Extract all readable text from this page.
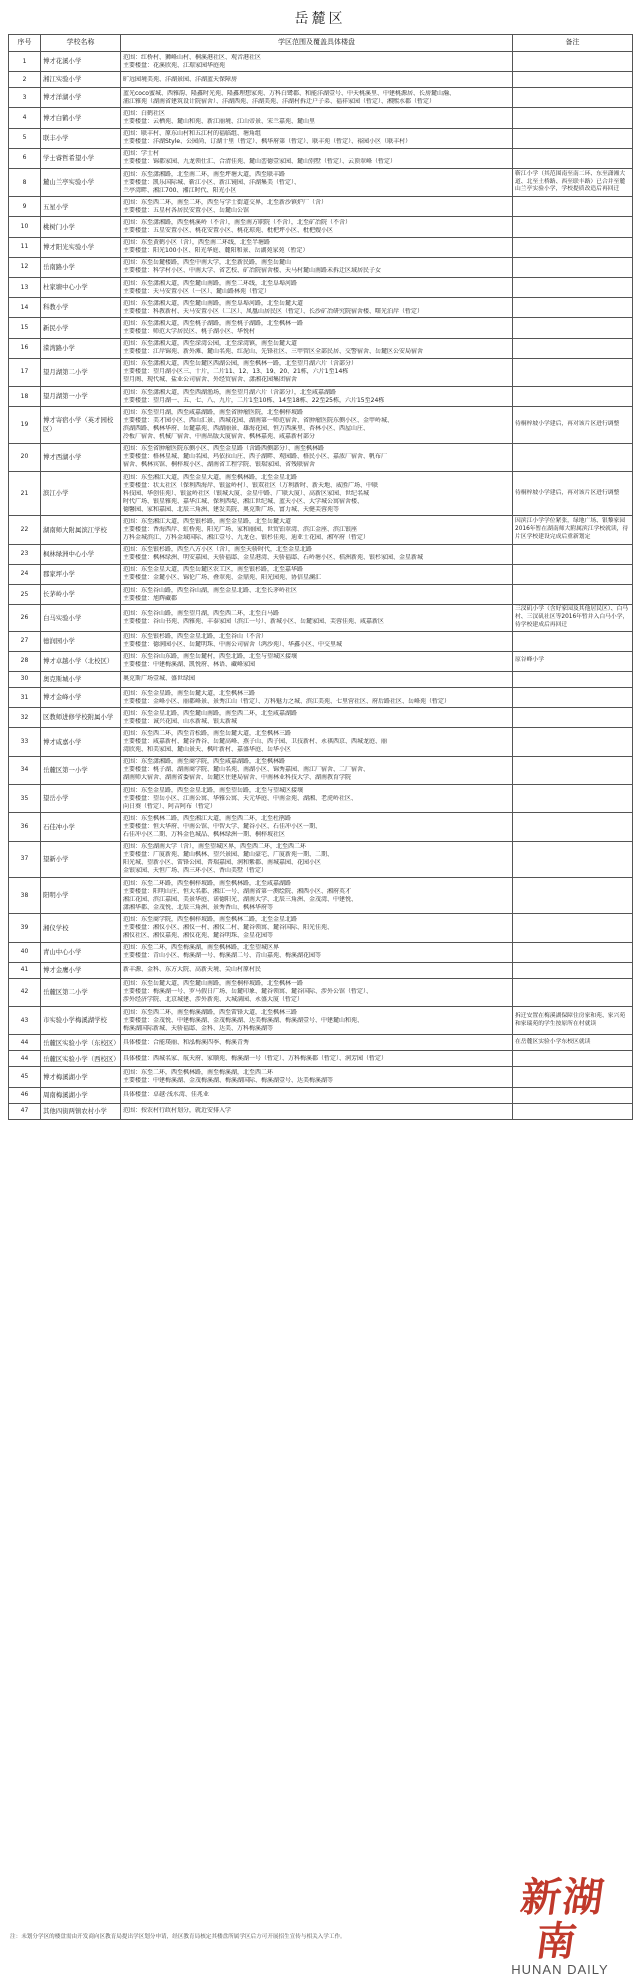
岳麓区
序号	学校名称	学区范围及覆盖具体楼盘	备注
1	博才花溪小学	范围：红桥村、狮峰山村、桐溪港社区、观音港社区
主要楼盘：花溪欣苑、江璟家园华庭苑	

2	湘江实验小学	旷远园境美苑、洋湖景园、洋湖蓝天保障房	

3	博才洋湖小学	蓝光coco蜜城、西雅韵、隆鑫时光苑、隆鑫理想家苑、万科白鹭郡、和能洋湖壹号、中天桃溪里、中建桃源居、长房麓山瀚、
浦江雅苑（湖南省建筑设计院宿舍）、洋湖西苑、洋湖美苑、洋湖村拆迁户子弟、福祥家园（暂定）、湘熙水郡（暂定）	

4	博才白鹤小学	范围：白鹤社区
主要楼盘：云栖苑、麓山和苑、新江丽境、江山帝景、宋兰嘉苑、麓山里	

5	联丰小学	范围：联丰村、原东山村和五江村的福临组、塘角组
主要楼盘：洋湖Style、公园尚、订湖十里（暂定）、枫华府第（暂定）、联丰苑（暂定）、裕园小区（联丰村）	

6	学士睿哲希望小学	范围：学士村
主要楼盘：锦都家园、九龙领仕汇、合清佳苑、麓山峦德壹家园、麓山别墅（暂定）、云顶翠峰（暂定）	

8	麓山兰亭实验小学	范围：东至潇湘路，北至南二环，南至坪塘大道，西至联丰路
主要楼盘：凯乐国际城、靳江小区、新江镜园、洋湖集美（暂定）、
兰亭湾畔、湘江700、湘江时代、阳光小区	靳江小学（其范围南至南二环、东至潇湘大道、北至土桥路、西至联丰路）已合并至麓山兰亭实验小学，学校提质改造后再回迁
9	五星小学	范围：东至西二环，南至二环，西至与学士街道交界，北至新沙镇炉厂（含）
主要楼盘：五星村各居民安置小区、岳麓山公馆	

10	桃树门小学	范围：东至潇湘路，西至桃溪岭（不含），南至南方职院（不含），北至矿冶院（不含）
主要楼盘：五星安置小区、桃花安置小区、桃花琼苑、枇杷坪小区、枇杷嫂小区	

11	博才阳光实验小学	范围：东至黄鹤小区（含），西至南二环线，北至半塘路
主要楼盘：阳光100小区、阳光华庭、麓阳和景、岳湖苑家苑（暂定）	

12	岳南路小学	范围：东至岳麓楼路，西至中南大学，北至新民路，南至岳麓山
主要楼盘：科学村小区、中南大学、省艺校、矿冶院宿舍楼、天马村麓山南路未拆迁区域居民子女	

13	杜家塘中心小学	范围：东至潇湘大道，西至麓山南路，南至二环线，北至阜埠河路
主要楼盘：天马安置小区（一区）、麓山路林苑（暂定）	

14	科教小学	范围：东至潇湘大道，西至麓山南路，南至阜埠河路，北至岳麓大道
主要楼盘：科教新村、天马安置小区（二区）、凤凰山居民区（暂定）、长沙矿冶研究院宿舍楼、曙光泊岸（暂定）	

15	新民小学	范围：东至潇湘大道，西至桃子湖路，南至桃子湖路，北至枫林一路
主要楼盘：师范大学居民区、桃子湖小区、华悦村	

16	溁湾路小学	范围：东至潇湘大道，西至溁湾公园，北至溁湾镇，南至岳麓大道
主要楼盘：江岸锦苑、新外滩、麓山名苑、红泥山、先锋社区、三甲管区全部民居、交警宿舍、岳麓区公安局宿舍	

17	望月湖第二小学	范围：东至潇湘大道，西至岳麓区西湖公园，南至枫林一路，北至望月湖六片（含部分）
主要楼盘：望月湖小区三、十片，二片11、12、13、19、20、21栋，六片1至14栋
望月阁、现代城、盐业公司宿舍、外经贸宿舍、潇湘花园集团宿舍	

18	望月湖第一小学	范围：东至潇湘大道，西至西湖渔场，南至望月湖六片（含部分），北至咸嘉湖路
主要楼盘：望月湖一、五、七、八、九片，二片1至10栋、14至18栋、22至25栋，六片15至24栋	

19	博才寄宿小学（英才园校区）	范围：东至望月湖，西至咸嘉湖路，南至省肿瘤医院，北至桐梓坡路
主要楼盘：美才园小区、西山汇景、西城花园、湖南第一师范宿舍、省肿瘤医院东侧小区、金甲岭城、
滨湖西路、枫林华府、岳麓嘉苑、西湖丽景、雄海花园、恒万西溪里、杏林小区、西屋山庄、
冷板厂宿舍、机械厂宿舍、中南出版大厦宿舍、枫林嘉苑、咸嘉新村部分	待桐梓坡小学建后，再对该片区进行调整
20	博才西湖小学	范围：东至省肿瘤医院东侧小区、西至金星路（含路西侧部分）、南至枫林路
主要楼盘：格林星城、麓山名园、玛依拉山庄、西子湖畔、观园路、格民小区、嘉浓厂宿舍、帆布厂
宿舍、枫林宾馆、桐梓坡小区、湖南省工程学院、银瑞家园、省残联宿舍	

21	滨江小学	范围：东至湘江大道，西至金星大道，南至枫林路，北至金星北路
主要楼盘：状太社区（保利西海岸、银盆岭村）、银双社区（万利新时、新天地、威胜广场、中联
科技园、华创佳苑）、银盆岭社区（银城大厦、金星中路、广联大厦）、高新区家园、世纪名城
时代广场、银星雅苑、嘉华江城、保利西堤、湘江世纪城、蓝天小区、大学城公寓宿舍楼、
德馨园、家和嘉园、北辰三角洲、建发美院、奥克斯广场、富力城、天健芙蓉苑等	待桐梓坡小学建后，再对该片区进行调整
22	湖南师大附属滨江学校	范围：东至湘江大道，西至银杉路，南至金星路，北至岳麓大道
主要楼盘：香海西岸、虹桥苑、阳光广场、家和丽园、世贸铂翠湾、滨江金座、滨江银座
万科金城滨江、万科金域国际、湘江壹号、九龙仓、银杉佳苑、迪亚士花园、湘军府（暂定）	因滨江小学学位紧张，绿地广场、银黎家园2016年暂在湖南师大附属滨江学校就读，待片区学校建设完成后重新划定
23	枫林绿洲中心小学	范围：东至银杉路，西至八方小区（含），南至天骄时代，北至金星北路
主要楼盘：枫林绿洲、明安嘉园、天骄福邸、金星港湾、天骄福邸、石岭塘小区、桔洲新苑、银杉家园、金星新城	

24	郡家坪小学	范围：东至金星大道，西至岳麓区农工区，南至银杉路，北至嘉华路
主要楼盘：金麓小区、锦伦广场、叠翠苑、金鼎苑、阳光园苑、协信星澜汇	

25	长茅岭小学	范围：东至谷山路，西至谷山湖，南至金星北路、北至长茅岭社区
主要楼盘：旭辉藏郡	

26	白马实验小学	范围：东至谷山路，南至望月湖，西至西二环，北至白马路
主要楼盘：谷山书苑、西雅苑、丰泰家园（滨江一号）、新城小区、岳麓家园、芙蓉佳苑、咸嘉新区	三汊矶小学（含好家园及其他居民区）、白马村、三汊矶社区等2016年暂并入白马小学，待学校建成后再回迁
27	德润园小学	范围：东至银杉路，西至金星北路，北至谷山（不含）
主要楼盘：德润园小区、岳麓明珠、中南公司宿舍（鸿沙苑）、华鑫小区、中交里城	

28	博才卓越小学（北校区）	范围：东至谷山东路，南至岳麓村，西至北路，北至与望城区接壤
主要楼盘：中建梅溪湖、凯悦府、林语、藏峰家园	原谷峰小学
30	奥克斯城小学	奥克斯广场壹城、盛世绿园	

31	博才金峰小学	范围：东至金星路，南至岳麓大道，北至枫林三路
主要楼盘：金峰小区、丽都峰景、景秀江山（暂定）、万科魅力之城、滨江美苑、七里营社区、府后路社区、岳峰苑（暂定）	

32	区教师进修学校附属小学	范围：东至金星北路，西至麓山南路，南至西二环，北至咸嘉湖路
主要楼盘：诚兴花园、山水新城、银太新城	

33	博才咸嘉小学	范围：东至西二环，西至青松路，南至岳麓大道，北至枫林三路
主要楼盘：咸嘉新村、麓谷香谷、岳麓高峰、燕子山、西子园、卫技新村、永祺西京、西城龙庭、丽
湾欣苑、和美家园、麓山景天、枫叶新村、嘉盛华庭、岳华小区	

34	岳麓区第一小学	范围：东至潇湘路，南至商学院，西至咸嘉湖路，北至枫林路
主要楼盘：桃子湖、湖南商学院、麓山名苑、南湖小区、锦秀嘉园、南江厂宿舍、二厂宿舍、
湖南师大宿舍、湖南省委宿舍、岳麓区住建局宿舍、中南林业科技大学、湖南教育学院	

35	望岳小学	范围：东至金星路，西至金星北路，南至望岳路，北至与望城区接壤
主要楼盘：望岳小区、江南公寓、华雅公寓、天元华庭、中南金苑、湖湘、老虎岭社区、
向日葵（暂定）、阿吉阿布（暂定）	

36	石佳冲小学	范围：东至枫林二路，西至湘江大道，南至西二环，北至杜鹃路
主要楼盘：恒大华府、中南公馆、中智大学、麓谷小区、石佳冲小区一期、
石佳冲小区二期、万科金色城品、枫林绿洲一期、桐梓坡社区	

37	望新小学	范围：东至湖南大学（含），南至望城区界，西至西二环，北至西二环
主要楼盘：广厦新苑、麓山枫林、望兴景园、麓山豪宅、广厦新苑一期、二期、
阳光城、望新小区、雷锋公园、普瑞嘉园、润和紫郡、南城嘉园、花园小区
金银家园、天恒广场、西三环小区、香山美墅（暂定）	

38	阳明小学	范围：东至二环路，西至桐梓坡路，南至枫林路，北至咸嘉湖路
主要楼盘：阳明山庄、恒大名都、湘江一号、湖南省第一测绘院、湘西小区、湘府英才
湘江花园、滨江嘉园、美景华庭、诺德阳光、湖南大学、北辰三角洲、金茂湾、中建悦、
潇湘华都、金茂悦、北辰三角洲、景秀香山、枫林华府等	

39	湘仪学校	范围：东至商学院，西至桐梓坡路，南至枫林二路，北至金星北路
主要楼盘：湘仪小区、湘仪一村、湘仪二村、麓谷领寓、麓谷国际、阳光佳苑、
湘仪社区、湘仪嘉苑、湘仪花苑、麓谷明珠、金星花园等	

40	青山中心小学	范围：东至二环，西至梅溪湖，南至枫林路，北至望城区界
主要楼盘：青山小区、梅溪湖一号、梅溪湖二号、青山嘉苑、梅溪湖花园等	

41	博才金鹰小学	新丰源、金科、东方大院、高新天境、尖山村原村民	

42	岳麓区第二小学	范围：东至岳麓大道，西至麓山南路，南至桐梓坡路，北至枫林一路
主要楼盘：梅溪湖一号、罗马假日广场、岳麓印象、麓谷领寓、麓谷国际、涉外公馆（暂定）、
涉外经济学院、北京城建、涉外新苑、大城满园、永盛大厦（暂定）	

43	市实验小学梅溪湖学校	范围：东至西二环，南至梅溪湖路，西至雷锋大道，北至枫林三路
主要楼盘：金茂悦、中建梅溪湖、金茂梅溪湖、达美梅溪湖、梅溪湖壹号、中建麓山和苑、
梅溪湖国际新城、天骄福邸、金科、达美、万科梅溪湖等	拆迁安置在梅溪湖保障住房家和苑、家兴苑和家瑞苑的学生按原所在村就读
44	岳麓区实验小学（东校区）	具体楼盘：合能璞丽、和泓梅溪四季、梅溪青秀	在岳麓区实验小学东校区就读
44	岳麓区实验小学（西校区）	具体楼盘：西城名家、航天府、家顺苑、梅溪湖一号（暂定）、万科梅溪郡（暂定）、润芳园（暂定）	

45	博才梅溪湖小学	范围：东至二环，西至枫林路，南至梅溪湖，北至西二环
主要楼盘：中建梅溪湖、金茂梅溪湖、梅溪湖国际、梅溪湖壹号、达美梅溪湖等	

46	周南梅溪湖小学	具体楼盘：卓越·浅水湾、佳兆业	

47	其他四街两镇农村小学	范围：按农村行政村划分，就近安排入学	

新湖南
HUNAN DAILY
注：未划分学区的楼盘需由开发商向区教育局提出学区划分申请，经区教育局核定其楼盘所属学区后方可开展招生宣传与相关入学工作。
